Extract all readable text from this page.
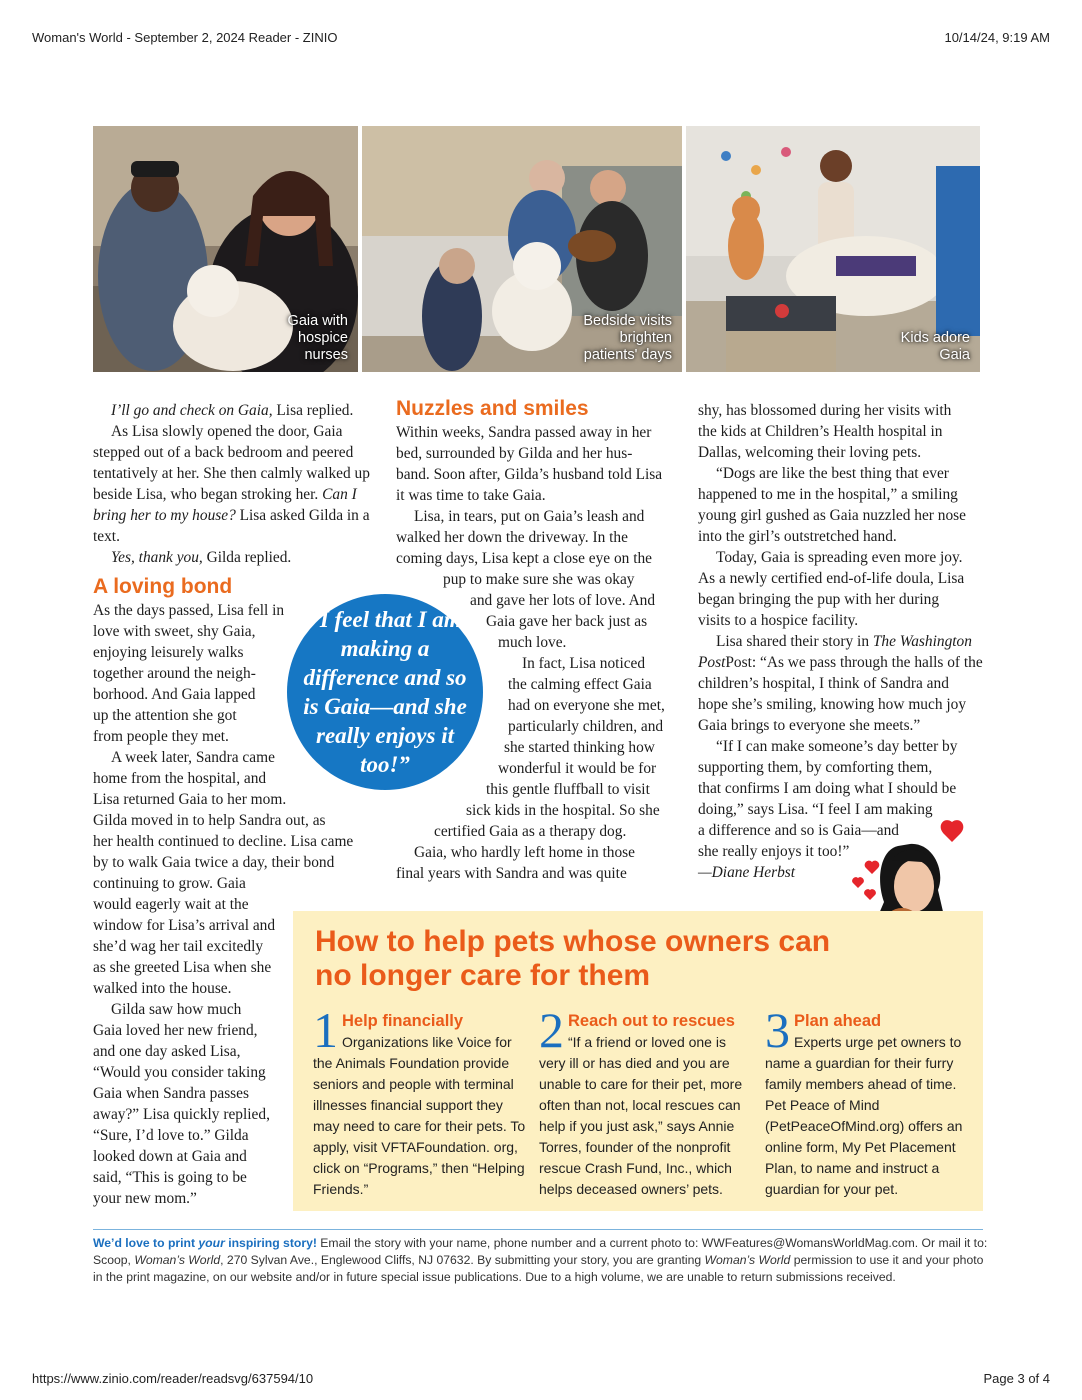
Woman's World - September 2, 2024 Reader - ZINIO	10/14/24, 9:19 AM
https://www.zinio.com/reader/readsvg/637594/10	Page 3 of 4
Gaia with
hospice
nurses
Bedside visits
brighten
patients' days
Kids adore
Gaia

I’ll go and check on Gaia, Lisa replied.

As Lisa slowly opened the door, Gaia stepped out of a back bedroom and peered tentatively at her. She then calmly walked up beside Lisa, who began stroking her. Can I bring her to my house? Lisa asked Gilda in a text.

Yes, thank you, Gilda replied.

A loving bond
As the days passed, Lisa fell in
love with sweet, shy Gaia,
enjoying leisurely walks
together around the neigh-
borhood. And Gaia lapped
up the attention she got
from people they met.
A week later, Sandra came
home from the hospital, and
Lisa returned Gaia to her mom.
Gilda moved in to help Sandra out, as
her health continued to decline. Lisa came
by to walk Gaia twice a day, their bond
continuing to grow. Gaia
would eagerly wait at the
window for Lisa’s arrival and
she’d wag her tail excitedly
as she greeted Lisa when she
walked into the house.
Gilda saw how much
Gaia loved her new friend,
and one day asked Lisa,
“Would you consider taking
Gaia when Sandra passes
away?” Lisa quickly replied,
“Sure, I’d love to.” Gilda
looked down at Gaia and
said, “This is going to be
your new mom.”
Nuzzles and smiles
Within weeks, Sandra passed away in her
bed, surrounded by Gilda and her hus-
band. Soon after, Gilda’s husband told Lisa
it was time to take Gaia.
Lisa, in tears, put on Gaia’s leash and
walked her down the driveway. In the
coming days, Lisa kept a close eye on the
pup to make sure she was okay
and gave her lots of love. And
Gaia gave her back just as
much love.
In fact, Lisa noticed
the calming effect Gaia
had on everyone she met,
particularly children, and
she started thinking how
wonderful it would be for
this gentle fluffball to visit
sick kids in the hospital. So she
certified Gaia as a therapy dog.
Gaia, who hardly left home in those
final years with Sandra and was quite
shy, has blossomed during her visits with
the kids at Children’s Health hospital in
Dallas, welcoming their loving pets.
“Dogs are like the best thing that ever
happened to me in the hospital,” a smiling
young girl gushed as Gaia nuzzled her nose
into the girl’s outstretched hand.
Today, Gaia is spreading even more joy.
As a newly certified end-of-life doula, Lisa
began bringing the pup with her during
visits to a hospice facility.
Lisa shared their story in The Washington
PostPost: “As we pass through the halls of the
children’s hospital, I think of Sandra and
hope she’s smiling, knowing how much joy
Gaia brings to everyone she meets.”
“If I can make someone’s day better by
supporting them, by comforting them,
that confirms I am doing what I should be
doing,” says Lisa. “I feel I am making
a difference and so is Gaia—and
she really enjoys it too!”
—Diane Herbst
“I feel that I am making a difference and so is Gaia—and she really enjoys it too!”
How to help pets whose owners can no longer care for them
1 Help financially
Organizations like Voice for the Animals Foundation provide seniors and people with terminal illnesses financial support they may need to care for their pets. To apply, visit VFTAFoundation. org, click on “Programs,” then “Helping Friends.”
2 Reach out to rescues
“If a friend or loved one is very ill or has died and you are unable to care for their pet, more often than not, local rescues can help if you just ask,” says Annie Torres, founder of the nonprofit rescue Crash Fund, Inc., which helps deceased owners’ pets.
3 Plan ahead
Experts urge pet owners to name a guardian for their furry family members ahead of time. Pet Peace of Mind (PetPeaceOfMind.org) offers an online form, My Pet Placement Plan, to name and instruct a guardian for your pet.
We’d love to print your inspiring story! Email the story with your name, phone number and a current photo to: WWFeatures@WomansWorldMag.com. Or mail it to: Scoop, Woman’s World, 270 Sylvan Ave., Englewood Cliffs, NJ 07632. By submitting your story, you are granting Woman’s World permission to use it and your photo in the print magazine, on our website and/or in future special issue publications. Due to a high volume, we are unable to return submissions received.
